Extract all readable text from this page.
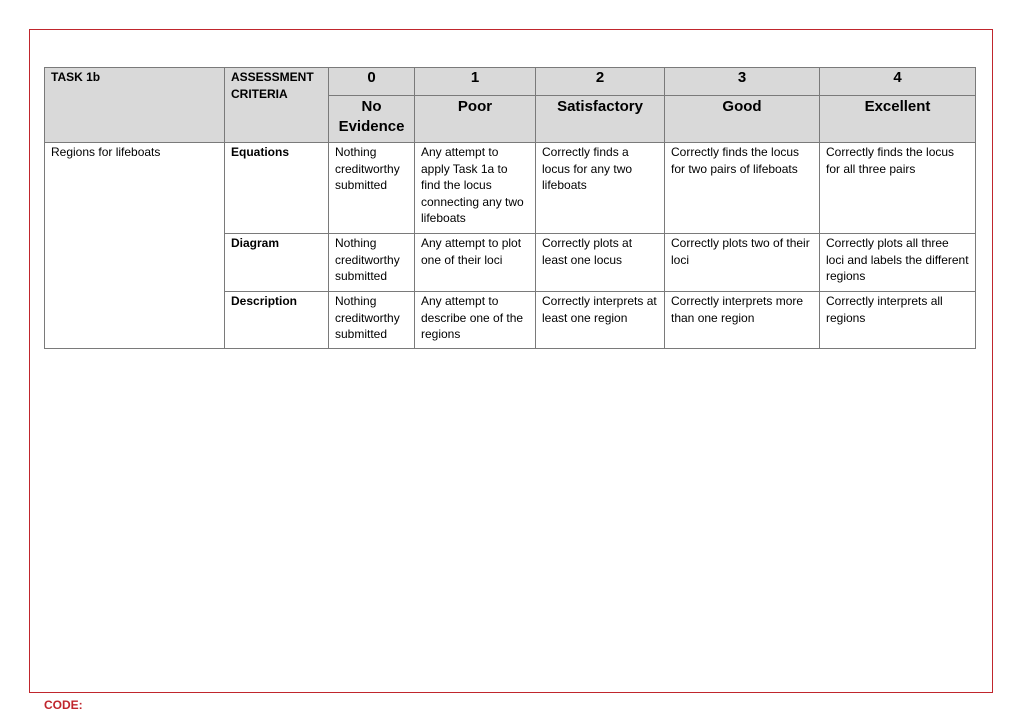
TASK 1b	ASSESSMENT CRITERIA	0	1	2	3	4
		No Evidence	Poor	Satisfactory	Good	Excellent
Regions for lifeboats	Equations	Nothing creditworthy submitted	Any attempt to apply Task 1a to find the locus connecting any two lifeboats	Correctly finds a locus for any two lifeboats	Correctly finds the locus for two pairs of lifeboats	Correctly finds the locus for all three pairs
	Diagram	Nothing creditworthy submitted	Any attempt to plot one of their loci	Correctly plots at least one locus	Correctly plots two of their loci	Correctly plots all three loci and labels the different regions
	Description	Nothing creditworthy submitted	Any attempt to describe one of the regions	Correctly interprets at least one region	Correctly interprets more than one region	Correctly interprets all regions
CODE:
